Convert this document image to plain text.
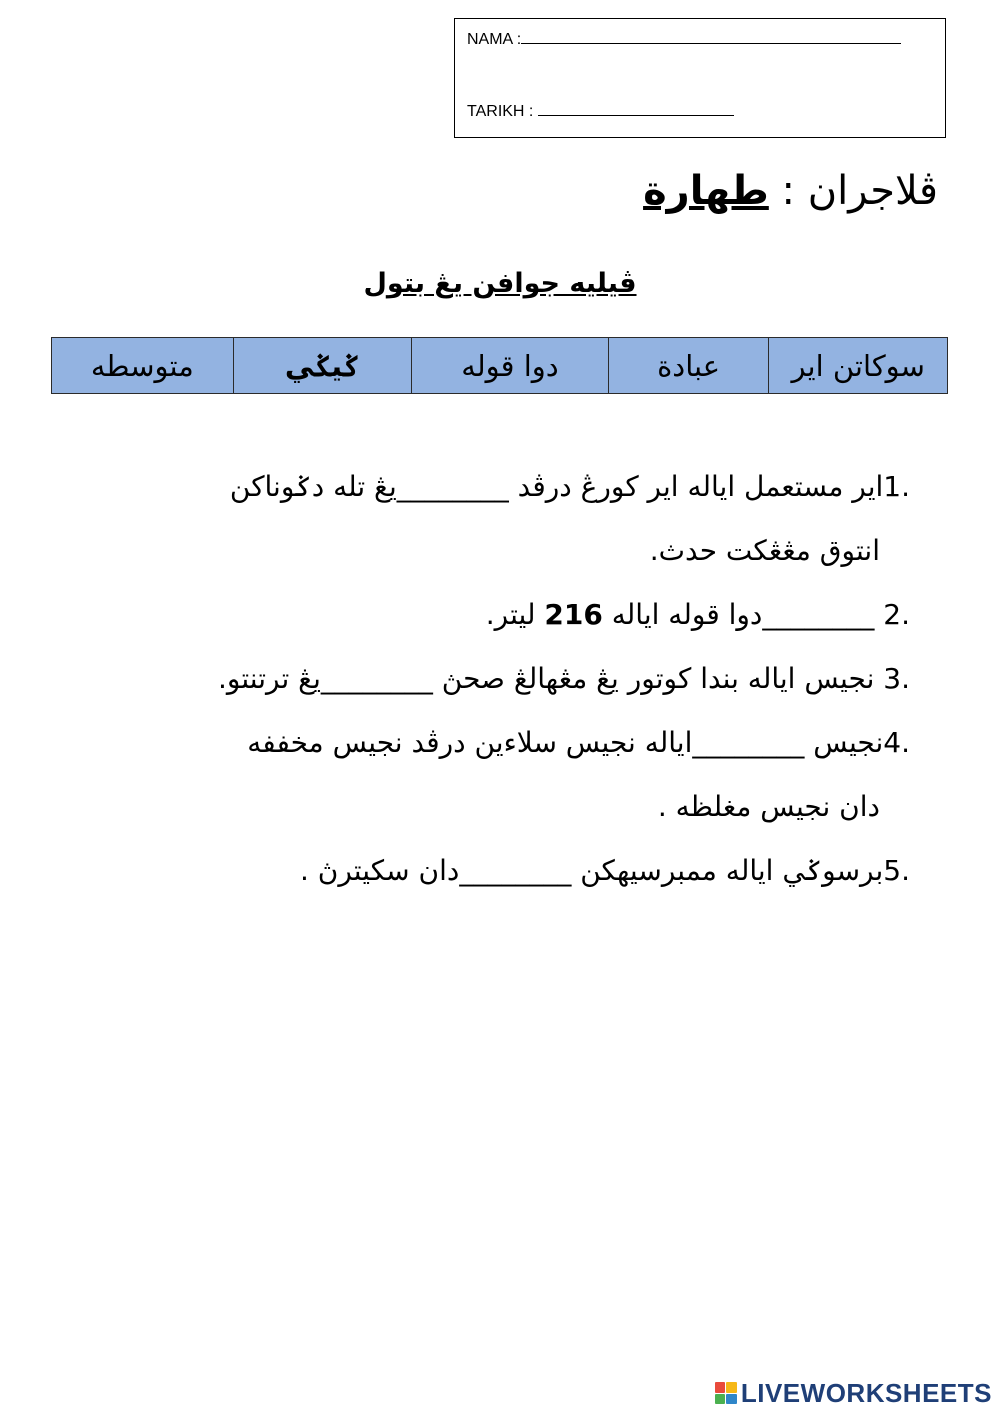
NAMA :
TARIKH :
ڤلاجران : طهارة
ڤيليه جوافن يڠ بتول
سوكاتن اير
عبادة
دوا قوله
ݢيݢي
متوسطه
1.اير مستعمل اياله اير كورڠ درڤد ________يڠ تله دݢوناكن
انتوق مڠڠكت حدث.
2. ________دوا قوله اياله 216 ليتر.
3. نجيس اياله بندا كوتور يڠ مڠهالڠ صحڽ ________يڠ ترتنتو.
4.نجيس ________اياله نجيس سلاءين درڤد نجيس مخففه
دان نجيس مغلظه .
5.برسوݢي اياله ممبرسيهكن ________دان سكيترڽ .
LIVEWORKSHEETS
